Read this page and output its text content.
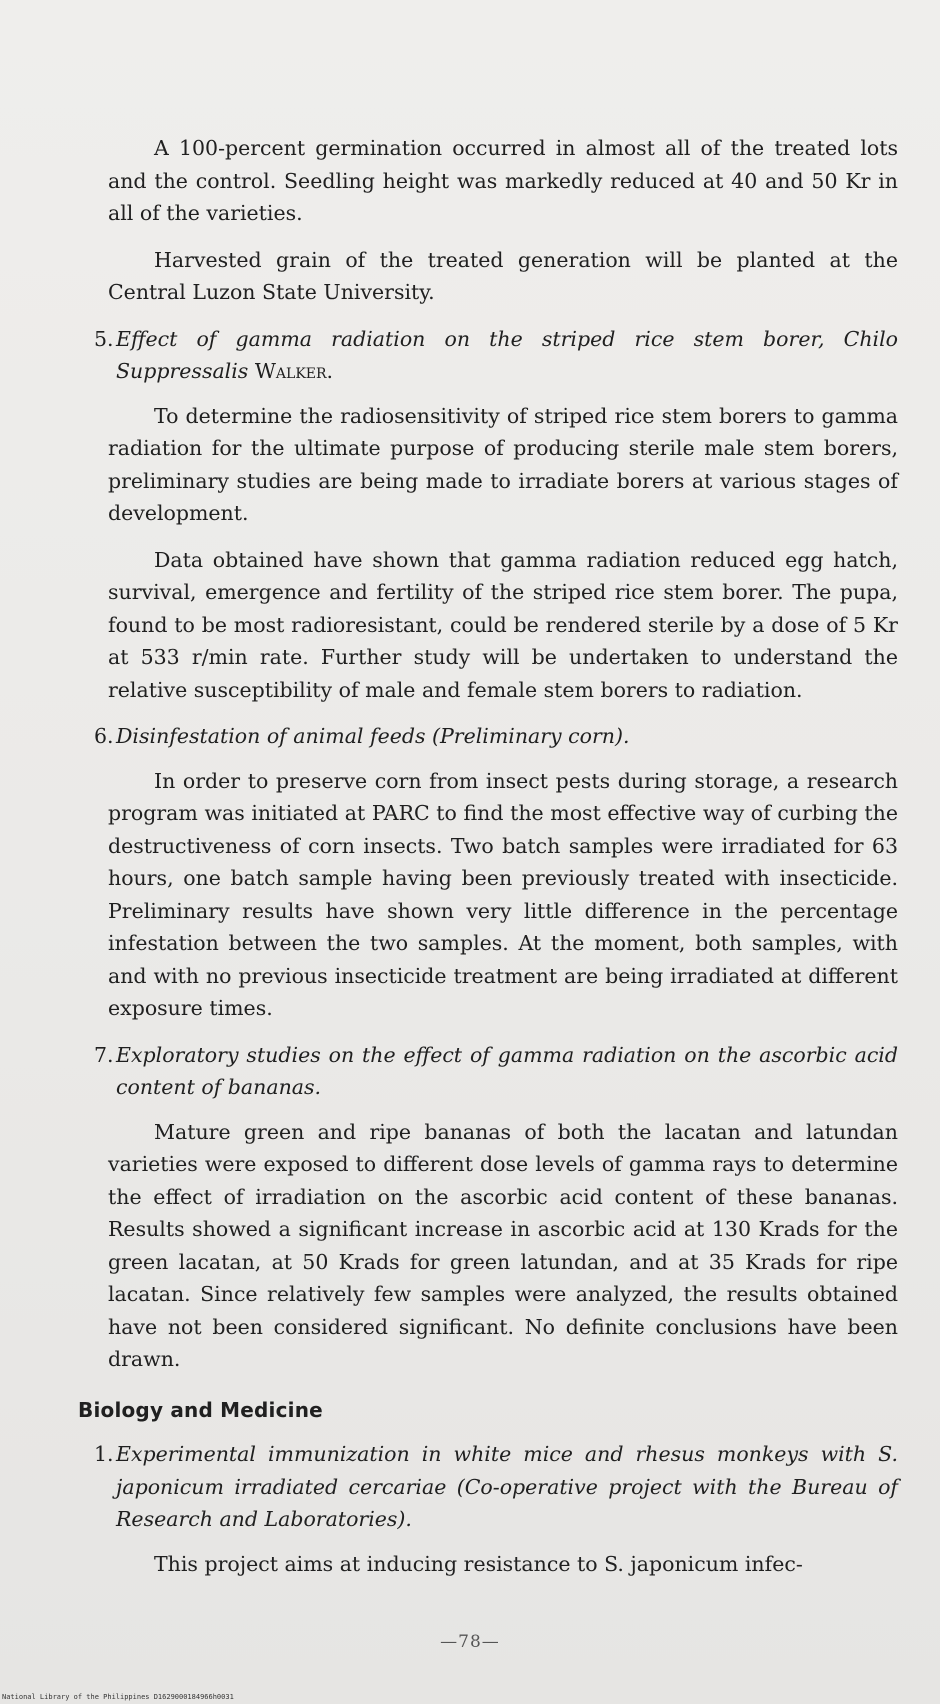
A 100-percent germination occurred in almost all of the treated lots and the control. Seedling height was markedly reduced at 40 and 50 Kr in all of the varieties.

Harvested grain of the treated generation will be planted at the Central Luzon State University.

5. Effect of gamma radiation on the striped rice stem borer, Chilo Suppressalis Walker.

To determine the radiosensitivity of striped rice stem borers to gamma radiation for the ultimate purpose of producing sterile male stem borers, preliminary studies are being made to irradiate borers at various stages of development.

Data obtained have shown that gamma radiation reduced egg hatch, survival, emergence and fertility of the striped rice stem borer. The pupa, found to be most radioresistant, could be rendered sterile by a dose of 5 Kr at 533 r/min rate. Further study will be undertaken to understand the relative susceptibility of male and female stem borers to radiation.

6. Disinfestation of animal feeds (Preliminary corn).

In order to preserve corn from insect pests during storage, a research program was initiated at PARC to find the most effective way of curbing the destructiveness of corn insects. Two batch samples were irradiated for 63 hours, one batch sample having been previously treated with insecticide. Preliminary results have shown very little difference in the percentage infestation between the two samples. At the moment, both samples, with and with no previous insecticide treatment are being irradiated at different exposure times.

7. Exploratory studies on the effect of gamma radiation on the ascorbic acid content of bananas.

Mature green and ripe bananas of both the lacatan and latundan varieties were exposed to different dose levels of gamma rays to determine the effect of irradiation on the ascorbic acid content of these bananas. Results showed a significant increase in ascorbic acid at 130 Krads for the green lacatan, at 50 Krads for green latundan, and at 35 Krads for ripe lacatan. Since relatively few samples were analyzed, the results obtained have not been considered significant. No definite conclusions have been drawn.

Biology and Medicine
1. Experimental immunization in white mice and rhesus monkeys with S. japonicum irradiated cercariae (Co-operative project with the Bureau of Research and Laboratories).

This project aims at inducing resistance to S. japonicum infec-

—78—
National Library of the Philippines D1629000184966h0031
